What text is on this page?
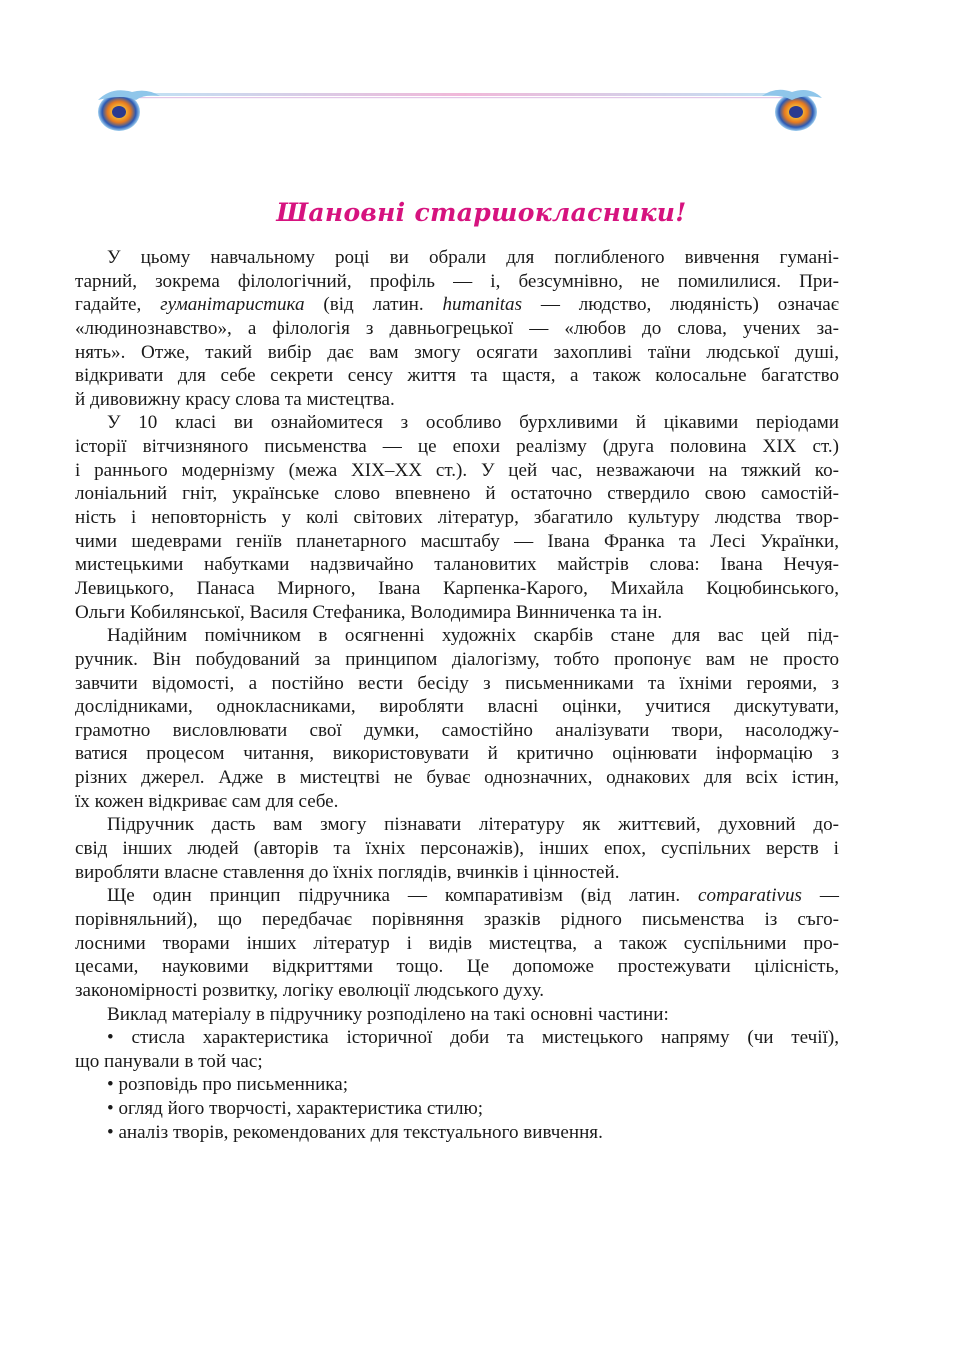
Шановні старшокласники!
У цьому навчальному році ви обрали для поглибленого вивчення гумані-
тарний, зокрема філологічний, профіль — і, безсумнівно, не помилилися. При-
гадайте, гуманітаристика (від латин. humanitas — людство, людяність) означає
«людинознавство», а філологія з давньогрецької — «любов до слова, учених за-
нять». Отже, такий вибір дає вам змогу осягати захопливі таїни людської душі,
відкривати для себе секрети сенсу життя та щастя, а також колосальне багатство
й дивовижну красу слова та мистецтва.
У 10 класі ви ознайомитеся з особливо бурхливими й цікавими періодами
історії вітчизняного письменства — це епохи реалізму (друга половина XIX ст.)
і раннього модернізму (межа XIX–XX ст.). У цей час, незважаючи на тяжкий ко-
лоніальний гніт, українське слово впевнено й остаточно ствердило свою самостій-
ність і неповторність у колі світових літератур, збагатило культуру людства твор-
чими шедеврами геніїв планетарного масштабу — Івана Франка та Лесі Українки,
мистецькими набутками надзвичайно талановитих майстрів слова: Івана Нечуя-
Левицького, Панаса Мирного, Івана Карпенка-Карого, Михайла Коцюбинського,
Ольги Кобилянської, Василя Стефаника, Володимира Винниченка та ін.
Надійним помічником в осягненні художніх скарбів стане для вас цей під-
ручник. Він побудований за принципом діалогізму, тобто пропонує вам не просто
завчити відомості, а постійно вести бесіду з письменниками та їхніми героями, з
дослідниками, однокласниками, виробляти власні оцінки, учитися дискутувати,
грамотно висловлювати свої думки, самостійно аналізувати твори, насолоджу-
ватися процесом читання, використовувати й критично оцінювати інформацію з
різних джерел. Адже в мистецтві не буває однозначних, однакових для всіх істин,
їх кожен відкриває сам для себе.
Підручник дасть вам змогу пізнавати літературу як життєвий, духовний до-
свід інших людей (авторів та їхніх персонажів), інших епох, суспільних верств і
виробляти власне ставлення до їхніх поглядів, вчинків і цінностей.
Ще один принцип підручника — компаративізм (від латин. comparativus —
порівняльний), що передбачає порівняння зразків рідного письменства із съго-
лосними творами інших літератур і видів мистецтва, а також суспільними про-
цесами, науковими відкриттями тощо. Це допоможе простежувати цілісність,
закономірності розвитку, логіку еволюції людського духу.
Виклад матеріалу в підручнику розподілено на такі основні частини:
• стисла характеристика історичної доби та мистецького напряму (чи течії),
що панували в той час;
• розповідь про письменника;
• огляд його творчості, характеристика стилю;
• аналіз творів, рекомендованих для текстуального вивчення.
